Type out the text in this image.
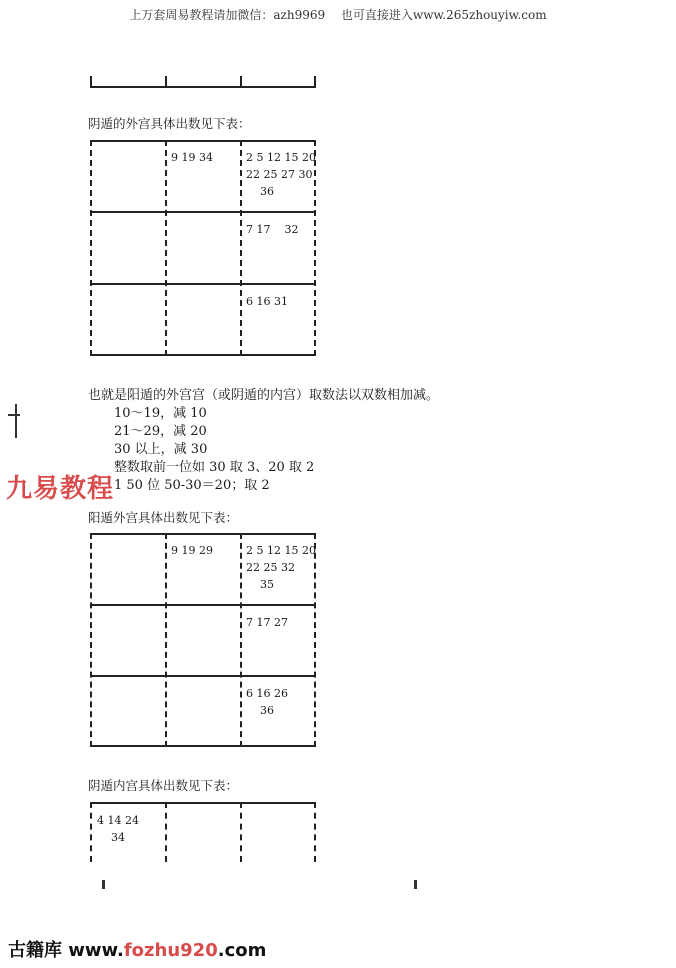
上万套周易教程请加微信：azh9969　 也可直接进入www.265zhouyiw.com
阴遁的外宫具体出数见下表：
9 19 34	2 5 12 15 20
22 25 27 30
36
7 17    32
6 16 31
也就是阳遁的外宫宫（或阴遁的内宫）取数法以双数相加减。
10～19，减 10
21～29，减 20
30 以上，减 30
整数取前一位如 30 取 3、20 取 2
1 50 位 50-30＝20；取 2
九易教程
阳遁外宫具体出数见下表：
9 19 29	2 5 12 15 20
22 25 32
35
7 17 27
6 16 26
36
阴遁内宫具体出数见下表：
4 14 24
34
古籍库 www.fozhu920.com
